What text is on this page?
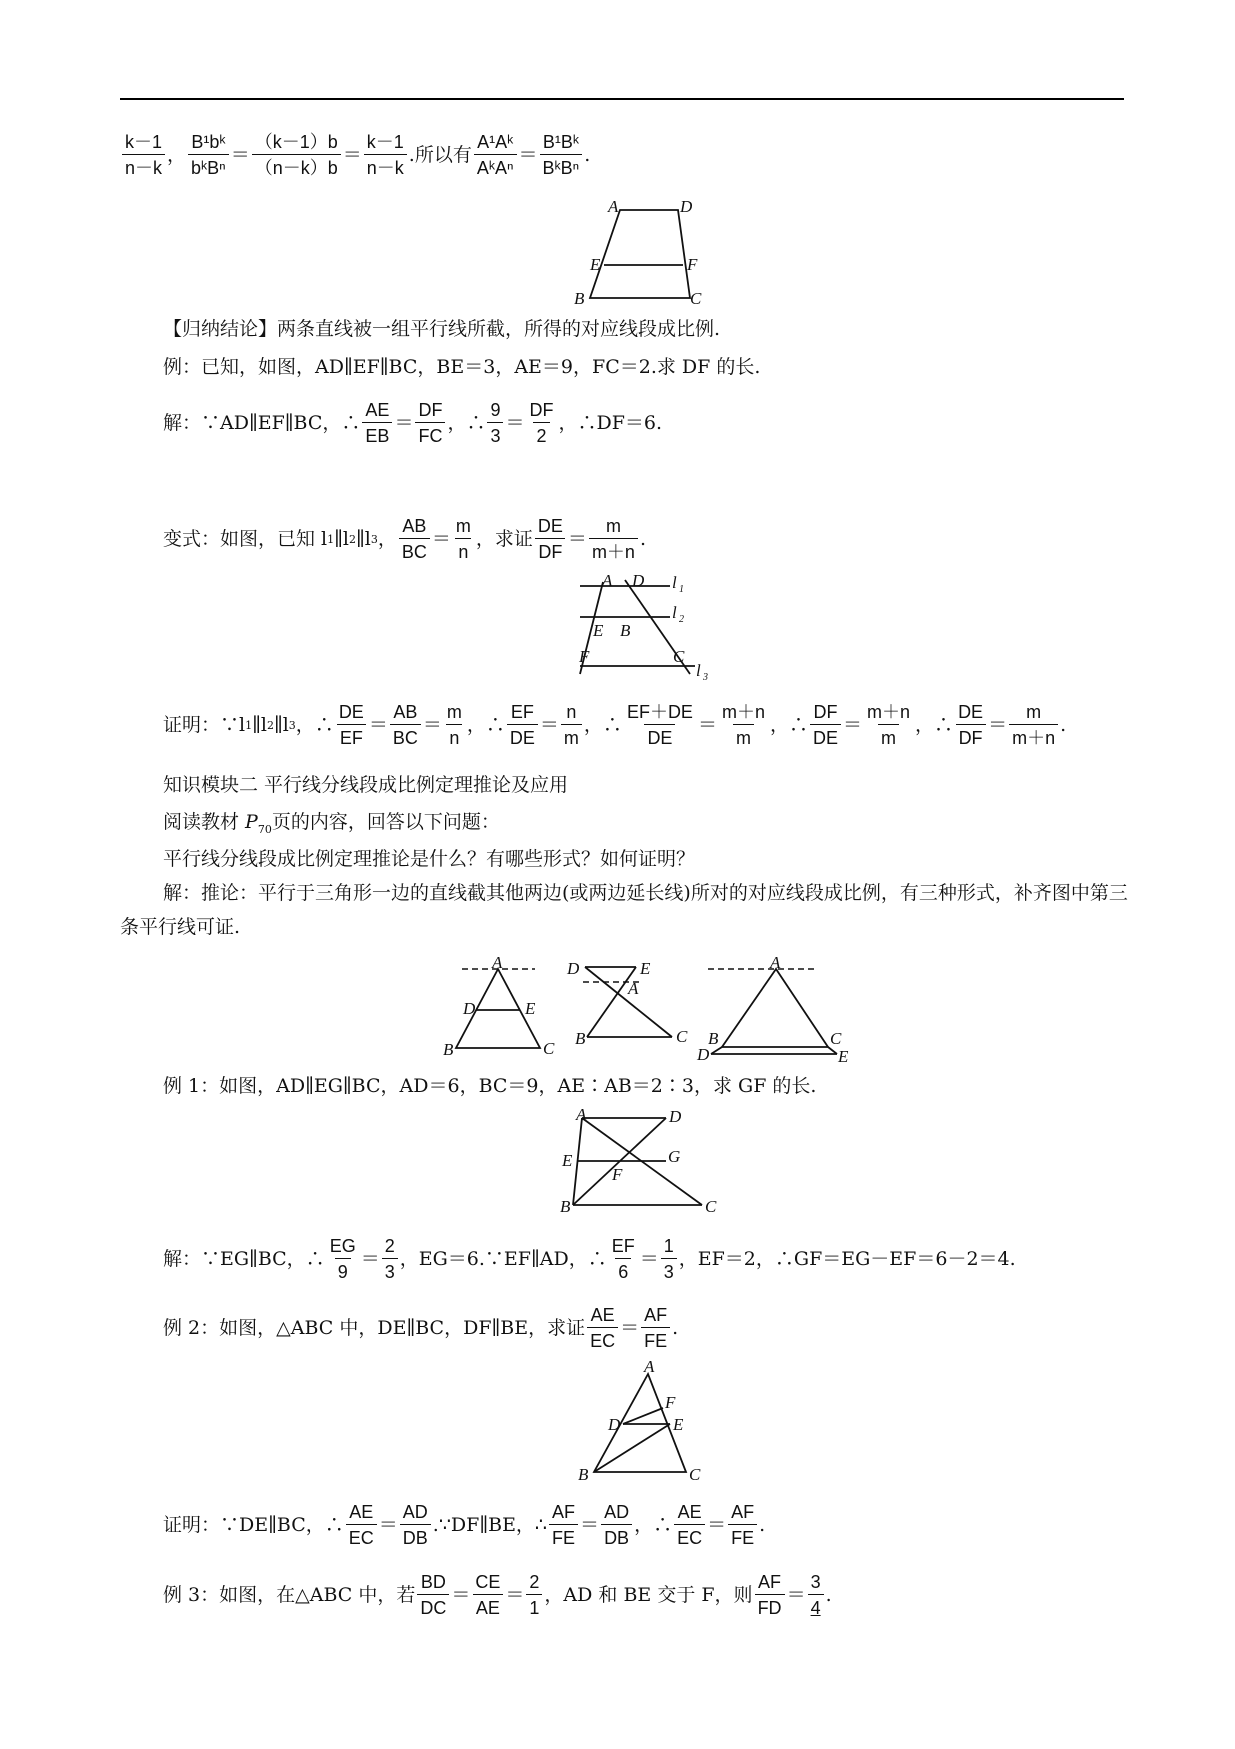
$\frac{k-1}{n-k}$ ， $\frac{\text{B¹bᵏ}}{\text{bᵏBⁿ}} = \frac{(k-1)b}{(n-k)b} = \frac{k-1}{n-k}$ .所以有 $\frac{\text{A¹Aᵏ}}{\text{AᵏAⁿ}} = \frac{\text{B¹Bᵏ}}{\text{BᵏBⁿ}}$ .
A	D
E	F
B	C
【归纳结论】两条直线被一组平行线所截，所得的对应线段成比例.
例：已知，如图，AD∥EF∥BC，BE＝3，AE＝9，FC＝2.求 DF 的长.
解：∵AD∥EF∥BC，∴ $\frac{AE}{EB} = \frac{DF}{FC}$ ，∴ $\frac{9}{3} = \frac{DF}{2}$ ，∴DF＝6.
变式：如图，已知 l 1 ∥l 2 ∥l 3 ， $\frac{AB}{BC} = \frac{m}{n}$ ，求证 $\frac{DE}{DF} = \frac{m}{m+n}$ .
A D l 1
l 2
E B
F	C
l 3
证明：∵l 1 ∥l 2 ∥l 3 ，∴ $\frac{DE}{EF} = \frac{AB}{BC} = \frac{m}{n}$ ，∴ $\frac{EF}{DE} = \frac{n}{m}$ ，∴ $\frac{EF+DE}{DE} = \frac{m+n}{m}$ ，∴ $\frac{DF}{DE} = \frac{m+n}{m}$ ，∴ $\frac{DE}{DF} = \frac{m}{m+n}$ .
知识模块二 平行线分线段成比例定理推论及应用
阅读教材 $P_{70}$页的内容，回答以下问题：
平行线分线段成比例定理推论是什么？有哪些形式？如何证明？
解：推论：平行于三角形一边的直线截其他两边(或两边延长线)所对的对应线段成比例，有三种形式，补齐图中第三条平行线可证.
A
D	E
B	C
D	E
A
B	C
A
B	C
D	E
例 1：如图，AD∥EG∥BC，AD＝6，BC＝9，AE∶AB＝2∶3，求 GF 的长.
A	D
E
F
G
B	C
解：∵EG∥BC，∴ $\frac{EG}{9} = \frac{2}{3}$ ，EG＝6.∵EF∥AD，∴ $\frac{EF}{6} = \frac{1}{3}$ ，EF＝2，∴GF＝EG－EF＝6－2＝4.
例 2：如图，△ABC 中，DE∥BC，DF∥BE，求证 $\frac{AE}{EC} = \frac{AF}{FE}$ .
A
F
D	E
B	C
证明：∵DE∥BC，∴ $\frac{AE}{EC} = \frac{AD}{DB}$ .∵DF∥BE，∴ $\frac{AF}{FE} = \frac{AD}{DB}$ ，∴ $\frac{AE}{EC} = \frac{AF}{FE}$ .
例 3：如图，在△ABC 中，若 $\frac{BD}{DC} = \frac{CE}{AE} = \frac{2}{1}$ ，AD 和 BE 交于 F，则 $\frac{AF}{FD} = \frac{3}{4}$ .
